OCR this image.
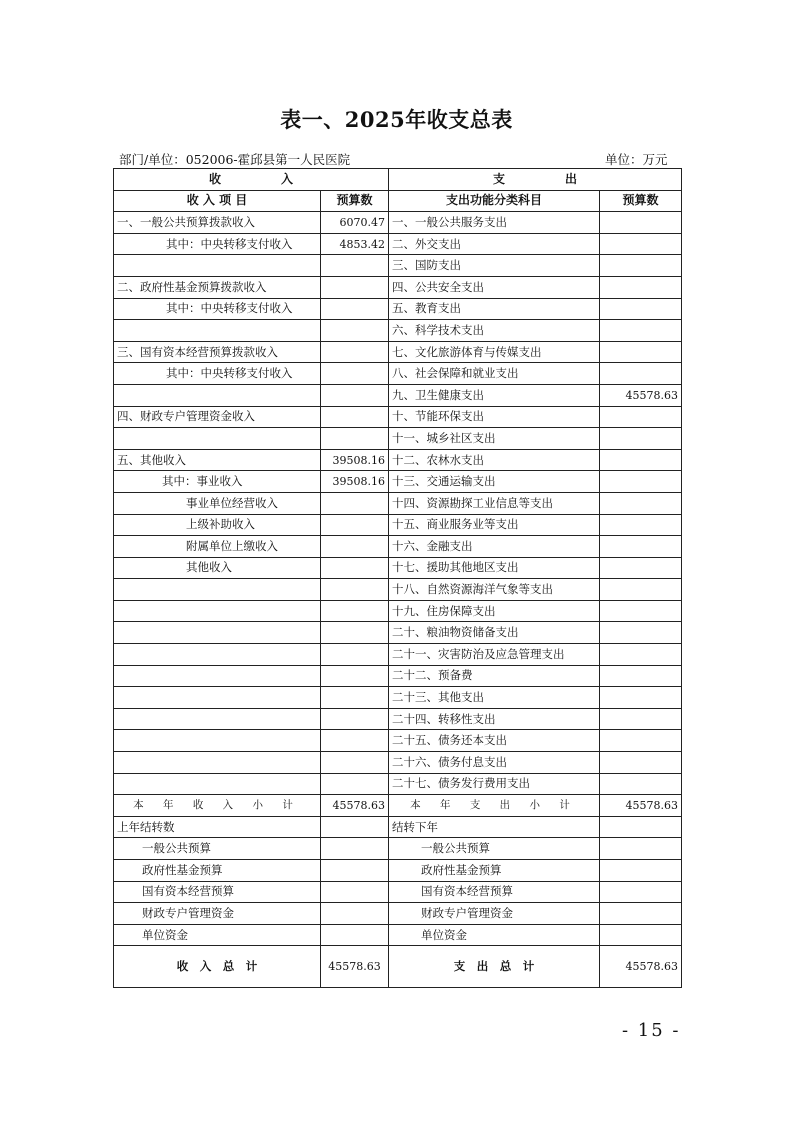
表一、2025年收支总表
部门/单位：052006-霍邱县第一人民医院	单位：万元
收　　　　　入		支　　　　　出	
收 入 项 目	预算数	支出功能分类科目	预算数
一、一般公共预算拨款收入	6070.47	一、一般公共服务支出	
其中：中央转移支付收入	4853.42	二、外交支出	
		三、国防支出	
二、政府性基金预算拨款收入		四、公共安全支出	
其中：中央转移支付收入		五、教育支出	
		六、科学技术支出	
三、国有资本经营预算拨款收入		七、文化旅游体育与传媒支出	
其中：中央转移支付收入		八、社会保障和就业支出	
		九、卫生健康支出	45578.63
四、财政专户管理资金收入		十、节能环保支出	
		十一、城乡社区支出	
五、其他收入	39508.16	十二、农林水支出	
其中：事业收入	39508.16	十三、交通运输支出	
事业单位经营收入		十四、资源勘探工业信息等支出	
上级补助收入		十五、商业服务业等支出	
附属单位上缴收入		十六、金融支出	
其他收入		十七、援助其他地区支出	
		十八、自然资源海洋气象等支出	
		十九、住房保障支出	
		二十、粮油物资储备支出	
		二十一、灾害防治及应急管理支出	
		二十二、预备费	
		二十三、其他支出	
		二十四、转移性支出	
		二十五、债务还本支出	
		二十六、债务付息支出	
		二十七、债务发行费用支出	
本 年 收 入 小 计	45578.63	本 年 支 出 小 计	45578.63
上年结转数		结转下年	
一般公共预算		一般公共预算	
政府性基金预算		政府性基金预算	
国有资本经营预算		国有资本经营预算	
财政专户管理资金		财政专户管理资金	
单位资金		单位资金	
收　入　总　计	45578.63	支　出　总　计	45578.63
- 15 -
